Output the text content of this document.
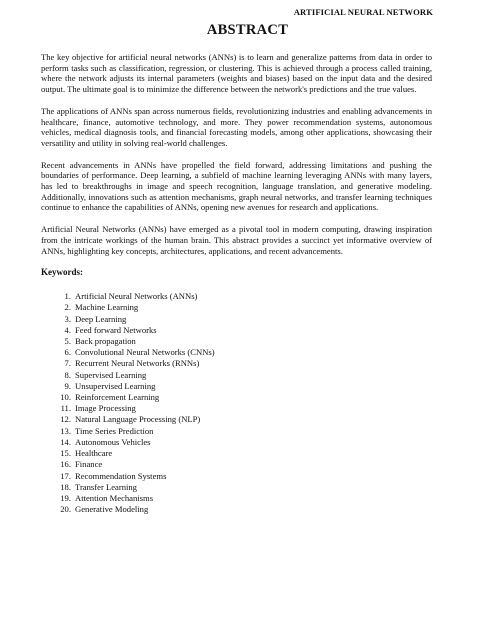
ARTIFICIAL NEURAL NETWORK
ABSTRACT

The key objective for artificial neural networks (ANNs) is to learn and generalize patterns from data in order to perform tasks such as classification, regression, or clustering. This is achieved through a process called training, where the network adjusts its internal parameters (weights and biases) based on the input data and the desired output. The ultimate goal is to minimize the difference between the network's predictions and the true values.

The applications of ANNs span across numerous fields, revolutionizing industries and enabling advancements in healthcare, finance, automotive technology, and more. They power recommendation systems, autonomous vehicles, medical diagnosis tools, and financial forecasting models, among other applications, showcasing their versatility and utility in solving real-world challenges.

Recent advancements in ANNs have propelled the field forward, addressing limitations and pushing the boundaries of performance. Deep learning, a subfield of machine learning leveraging ANNs with many layers, has led to breakthroughs in image and speech recognition, language translation, and generative modeling. Additionally, innovations such as attention mechanisms, graph neural networks, and transfer learning techniques continue to enhance the capabilities of ANNs, opening new avenues for research and applications.

Artificial Neural Networks (ANNs) have emerged as a pivotal tool in modern computing, drawing inspiration from the intricate workings of the human brain. This abstract provides a succinct yet informative overview of ANNs, highlighting key concepts, architectures, applications, and recent advancements.

Keywords:
1. Artificial Neural Networks (ANNs)
2. Machine Learning
3. Deep Learning
4. Feed forward Networks
5. Back propagation
6. Convolutional Neural Networks (CNNs)
7. Recurrent Neural Networks (RNNs)
8. Supervised Learning
9. Unsupervised Learning
10. Reinforcement Learning
11. Image Processing
12. Natural Language Processing (NLP)
13. Time Series Prediction
14. Autonomous Vehicles
15. Healthcare
16. Finance
17. Recommendation Systems
18. Transfer Learning
19. Attention Mechanisms
20. Generative Modeling
